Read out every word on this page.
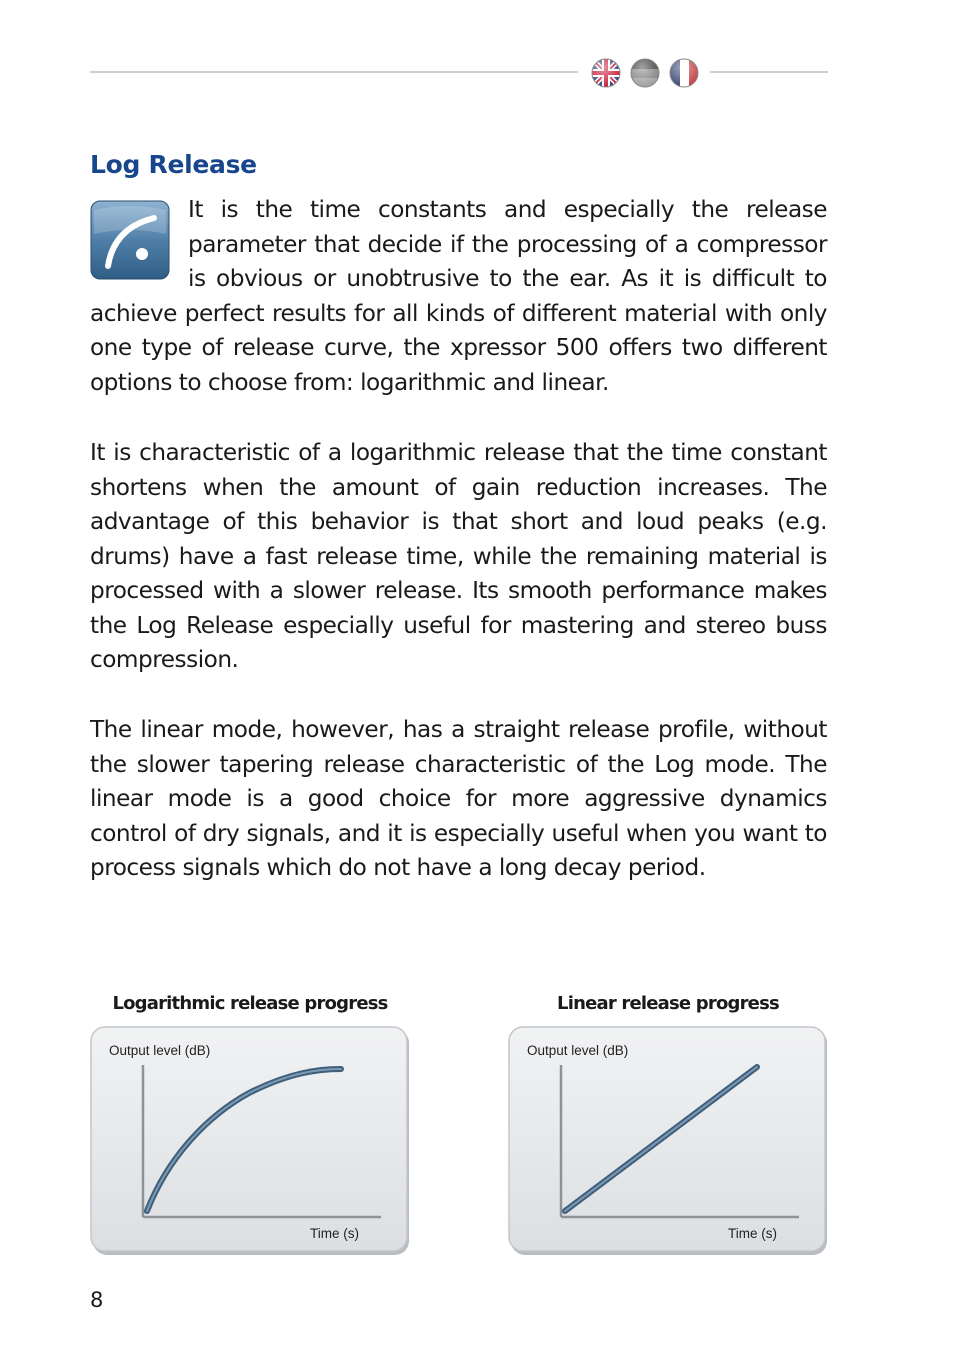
Log Release

It is the time constants and especially the release parameter that decide if the processing of a compressor is obvious or unobtrusive to the ear. As it is difficult to achieve perfect results for all kinds of different material with only one type of release curve, the xpressor 500 offers two different options to choose from: logarithmic and linear.

It is characteristic of a logarithmic release that the time constant shortens when the amount of gain reduction increases. The advantage of this behavior is that short and loud peaks (e.g. drums) have a fast release time, while the remaining material is processed with a slower release. Its smooth performance makes the Log Release especially useful for mastering and stereo buss compression.

The linear mode, however, has a straight release profile, without the slower tapering release characteristic of the Log mode. The linear mode is a good choice for more aggressive dynamics control of dry signals, and it is especially useful when you want to process signals which do not have a long decay period.

Logarithmic release progress	Linear release progress
Output level (dB)
Time (s)
Output level (dB)
Time (s)
8
